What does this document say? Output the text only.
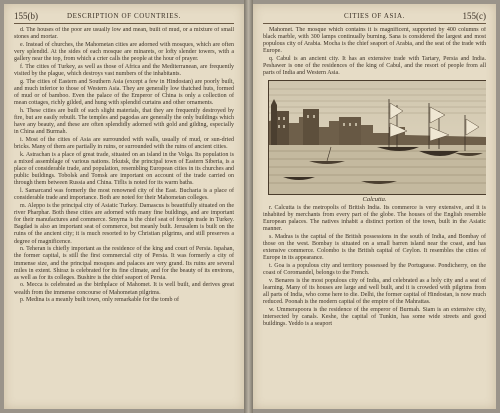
155(b)	DESCRIPTION OF COUNTRIES.

d. The houses of the poor are usually low and mean, built of mud, or a mixture of small stones and mortar.

e. Instead of churches, the Mahometan cities are adorned with mosques, which are often very splendid. At the sides of each mosque are minarets, or lofty slender towers, with a gallery near the top, from which a crier calls the people at the hour of prayer.

f. The cities of Turkey, as well as those of Africa and the Mediterranean, are frequently visited by the plague, which destroys vast numbers of the inhabitants.

g. The cities of Eastern and Southern Asia (except a few in Hindostan) are poorly built, and much inferior to those of Western Asia. They are generally low thatched huts, formed of mud or of bamboo. Even the palace of the Emperor of China is only a collection of mean cottages, richly gilded, and hung with splendid curtains and other ornaments.

h. These cities are built of such slight materials, that they are frequently destroyed by fire, but are easily rebuilt. The temples and pagodas are generally the only buildings which have any beauty, and these are often splendidly adorned with gold and gilding, especially in China and Burmah.

i. Most of the cities of Asia are surrounded with walls, usually of mud, or sun-dried bricks. Many of them are partially in ruins, or surrounded with the ruins of ancient cities.

k. Astrachan is a place of great trade, situated on an island in the Volga. Its population is a mixed assemblage of various nations. Irkutsk, the principal town of Eastern Siberia, is a place of considerable trade, and population, resembling European cities in its churches and public buildings. Tobolsk and Tomsk are important on account of the trade carried on through them between Russia and China. Tiflis is noted for its warm baths.

l. Samarcand was formerly the most renowned city of the East. Bucharia is a place of considerable trade and importance. Both are noted for their Mahometan colleges.

m. Aleppo is the principal city of Asiatic Turkey. Damascus is beautifully situated on the river Pharphar. Both these cities are adorned with many fine buildings, and are important for their manufactures and commerce. Smyrna is the chief seat of foreign trade in Turkey. Bagdad is also an important seat of commerce, but meanly built. Jerusalem is built on the ruins of the ancient city; it is much resorted to by Christian pilgrims, and still preserves a degree of magnificence.

n. Teheran is chiefly important as the residence of the king and court of Persia. Ispahan, the former capital, is still the first commercial city of Persia. It was formerly a city of immense size, and the principal mosques and palaces are very grand. Its ruins are several miles in extent. Shiraz is celebrated for its fine climate, and for the beauty of its environs, as well as for its colleges. Bushire is the chief seaport of Persia.

o. Mecca is celebrated as the birthplace of Mahomet. It is well built, and derives great wealth from the immense concourse of Mahometan pilgrims.

p. Medina is a meanly built town, only remarkable for the tomb of

CITIES OF ASIA.	155(c)

Mahomet. The mosque which contains it is magnificent, supported by 400 columns of black marble, with 300 lamps continually burning. Sana is considered the largest and most populous city of Arabia. Mocha is the chief seaport of Arabia, and the seat of the trade with Europe.

q. Cabul is an ancient city. It has an extensive trade with Tartary, Persia and India. Peshawer is one of the residences of the king of Cabul, and the resort of people from all parts of India and Western Asia.

Calcutta.

r. Calcutta is the metropolis of British India. Its commerce is very extensive, and it is inhabited by merchants from every part of the globe. The houses of the English resemble European palaces. The natives inhabit a distinct portion of the town, built in the Asiatic manner.

s. Madras is the capital of the British possessions in the south of India, and Bombay of those on the west. Bombay is situated on a small barren island near the coast, and has extensive commerce. Colombo is the British capital of Ceylon. It resembles the cities of Europe in its appearance.

t. Goa is a populous city and territory possessed by the Portuguese. Pondicherry, on the coast of Coromandel, belongs to the French.

v. Benares is the most populous city of India, and celebrated as a holy city and a seat of learning. Many of its houses are large and well built, and it is crowded with pilgrims from all parts of India, who come here to die. Delhi, the former capital of Hindostan, is now much reduced. Poonah is the modern capital of the empire of the Mahrattas.

w. Ummerapoora is the residence of the emperor of Burmah. Siam is an extensive city, intersected by canals. Keshe, the capital of Tunkin, has some wide streets and good buildings. Yeddo is a seaport
